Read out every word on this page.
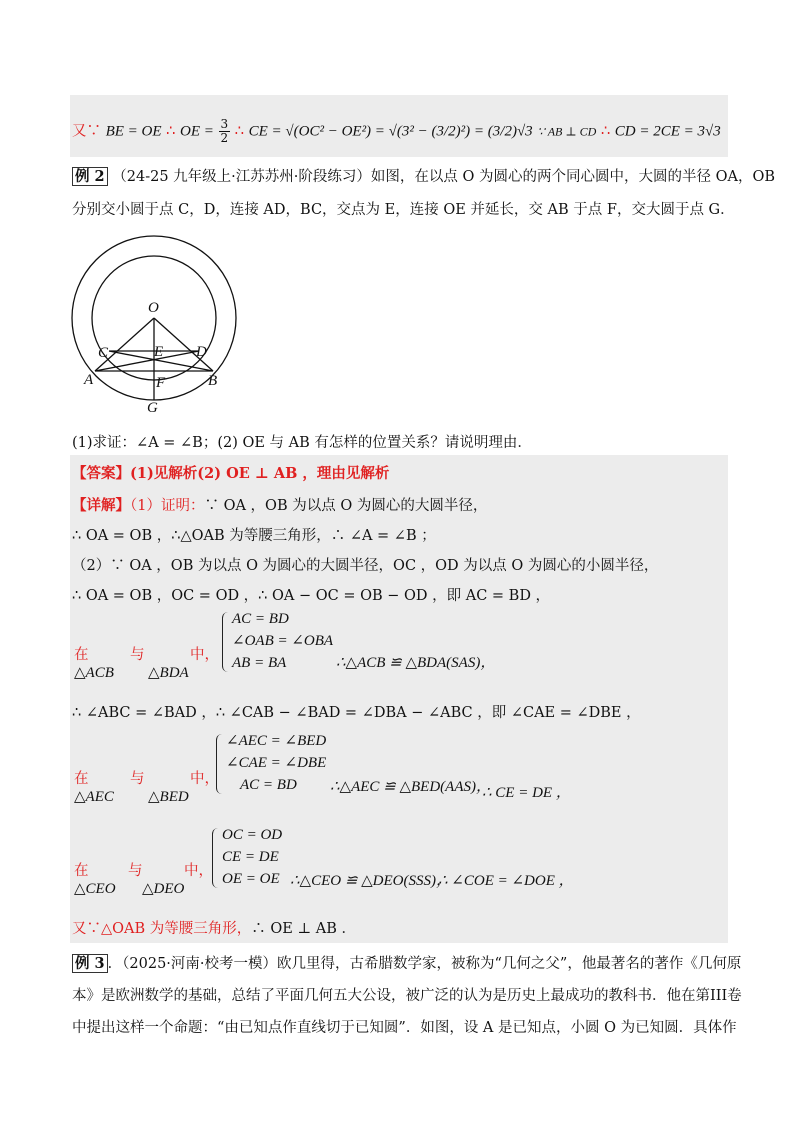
又∵ BE = OE ∴ OE = $\frac{3}{2}$ ∴ CE = √(OC² − OE²) = √(3² − (3/2)²) = (3/2)√3 ∵ AB ⊥ CD ∴ CD = 2CE = 3√3
例 2 （24-25 九年级上·江苏苏州·阶段练习）如图，在以点 O 为圆心的两个同心圆中，大圆的半径 OA，OB
分别交小圆于点 C，D，连接 AD，BC，交点为 E，连接 OE 并延长，交 AB 于点 F，交大圆于点 G．
O
C	E D
A	F	B
G
(1)求证：∠A = ∠B；(2) OE 与 AB 有怎样的位置关系？请说明理由．
【答案】(1)见解析(2) OE ⊥ AB ，理由见解析
【详解】（1）证明：∵ OA ，OB 为以点 O 为圆心的大圆半径，
∴ OA = OB ，∴△OAB 为等腰三角形，∴ ∠A = ∠B ；
（2）∵ OA ，OB 为以点 O 为圆心的大圆半径，OC ，OD 为以点 O 为圆心的小圆半径，
∴ OA = OB ，OC = OD ，∴ OA − OC = OB − OD ，即 AC = BD ，
在
△ACB
与
△BDA
中，
AC = BD
∠OAB = ∠OBA
AB = BA	∴△ACB ≌ △BDA(SAS)，
∴ ∠ABC = ∠BAD ，∴ ∠CAB − ∠BAD = ∠DBA − ∠ABC ，即 ∠CAE = ∠DBE ，
在
△AEC
与
△BED
中，
∠AEC = ∠BED
∠CAE = ∠DBE
AC = BD	∴△AEC ≌ △BED(AAS)，
∴ CE = DE ，
在
△CEO
与
△DEO
中，
OC = OD
CE = DE
OE = OE ∴△CEO ≌ △DEO(SSS)，
∴ ∠COE = ∠DOE ，
又∵△OAB 为等腰三角形，∴ OE ⊥ AB ．
例 3 ．（2025·河南·校考一模）欧几里得，古希腊数学家，被称为“几何之父”，他最著名的著作《几何原
本》是欧洲数学的基础，总结了平面几何五大公设，被广泛的认为是历史上最成功的教科书．他在第III卷
中提出这样一个命题：“由已知点作直线切于已知圆”．如图，设 A 是已知点，小圆 O 为已知圆．具体作
